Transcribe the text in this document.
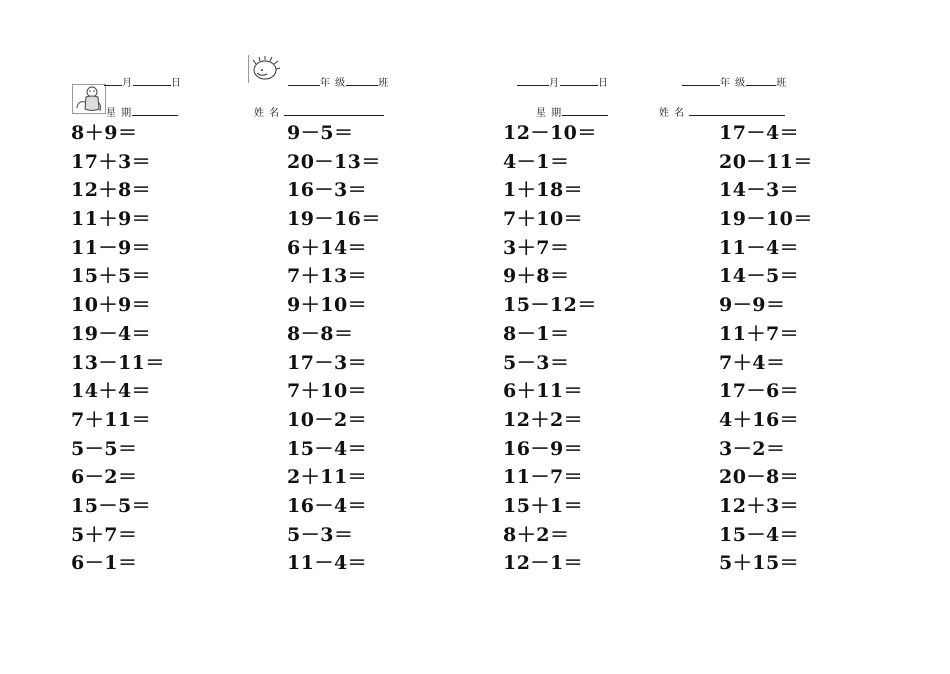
月	日	年 级	班	月	日	年 级	班
星 期	姓 名	星 期	姓 名
8＋9＝
17＋3＝
12＋8＝
11＋9＝
11－9＝
15＋5＝
10＋9＝
19－4＝
13－11＝
14＋4＝
7＋11＝
5－5＝
6－2＝
15－5＝
5＋7＝
6－1＝
9－5＝
20－13＝
16－3＝
19－16＝
6＋14＝
7＋13＝
9＋10＝
8－8＝
17－3＝
7＋10＝
10－2＝
15－4＝
2＋11＝
16－4＝
5－3＝
11－4＝
12－10＝
4－1＝
1＋18＝
7＋10＝
3＋7＝
9＋8＝
15－12＝
8－1＝
5－3＝
6＋11＝
12＋2＝
16－9＝
11－7＝
15＋1＝
8＋2＝
12－1＝
17－4＝
20－11＝
14－3＝
19－10＝
11－4＝
14－5＝
9－9＝
11＋7＝
7＋4＝
17－6＝
4＋16＝
3－2＝
20－8＝
12＋3＝
15－4＝
5＋15＝
